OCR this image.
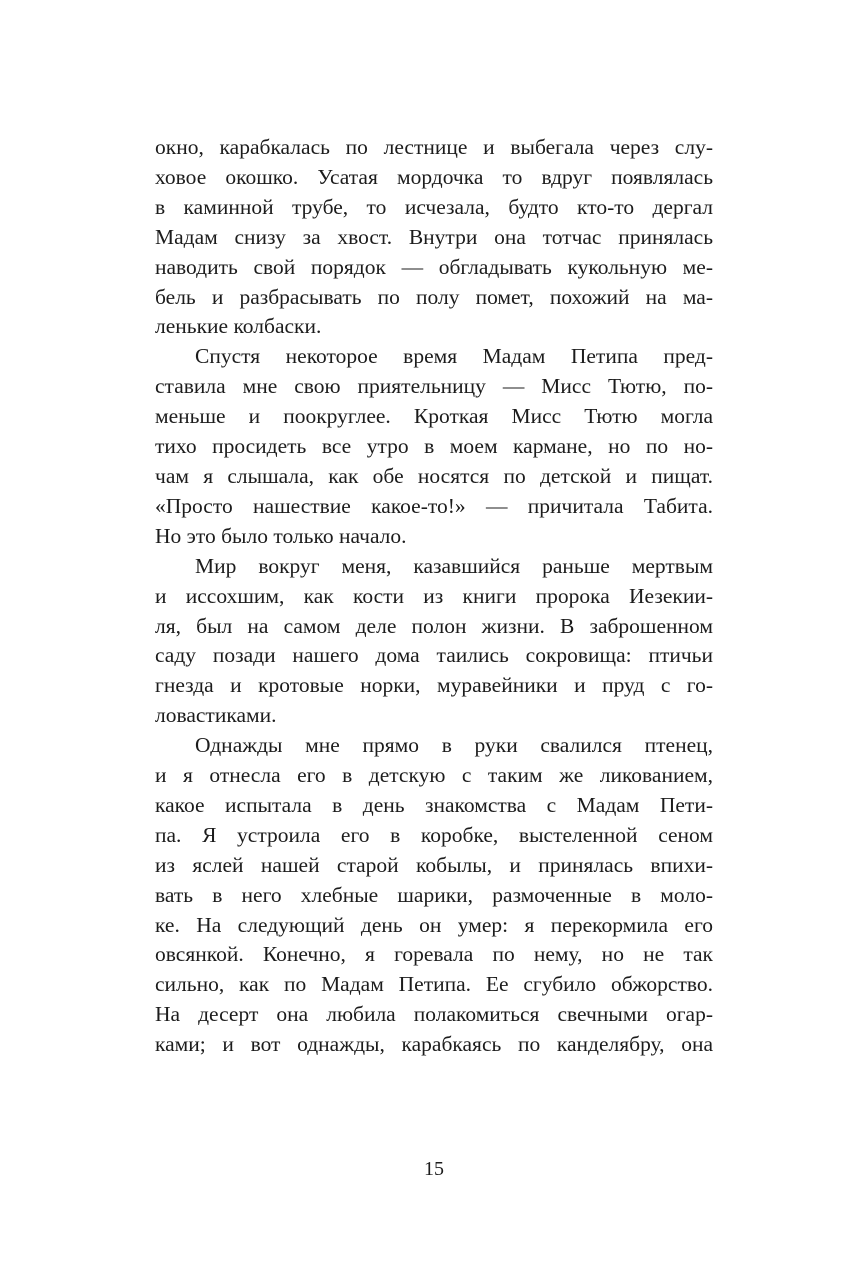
окно, карабкалась по лестнице и выбегала через слу-
ховое окошко. Усатая мордочка то вдруг появлялась
в каминной трубе, то исчезала, будто кто-то дергал
Мадам снизу за хвост. Внутри она тотчас принялась
наводить свой порядок — обгладывать кукольную ме-
бель и разбрасывать по полу помет, похожий на ма-
ленькие колбаски.
Спустя некоторое время Мадам Петипа пред-
ставила мне свою приятельницу — Мисс Тютю, по-
меньше и поокруглее. Кроткая Мисс Тютю могла
тихо просидеть все утро в моем кармане, но по но-
чам я слышала, как обе носятся по детской и пищат.
«Просто нашествие какое-то!» — причитала Табита.
Но это было только начало.
Мир вокруг меня, казавшийся раньше мертвым
и иссохшим, как кости из книги пророка Иезекии-
ля, был на самом деле полон жизни. В заброшенном
саду позади нашего дома таились сокровища: птичьи
гнезда и кротовые норки, муравейники и пруд с го-
ловастиками.
Однажды мне прямо в руки свалился птенец,
и я отнесла его в детскую с таким же ликованием,
какое испытала в день знакомства с Мадам Пети-
па. Я устроила его в коробке, выстеленной сеном
из яслей нашей старой кобылы, и принялась впихи-
вать в него хлебные шарики, размоченные в моло-
ке. На следующий день он умер: я перекормила его
овсянкой. Конечно, я горевала по нему, но не так
сильно, как по Мадам Петипа. Ее сгубило обжорство.
На десерт она любила полакомиться свечными огар-
ками; и вот однажды, карабкаясь по канделябру, она
15
